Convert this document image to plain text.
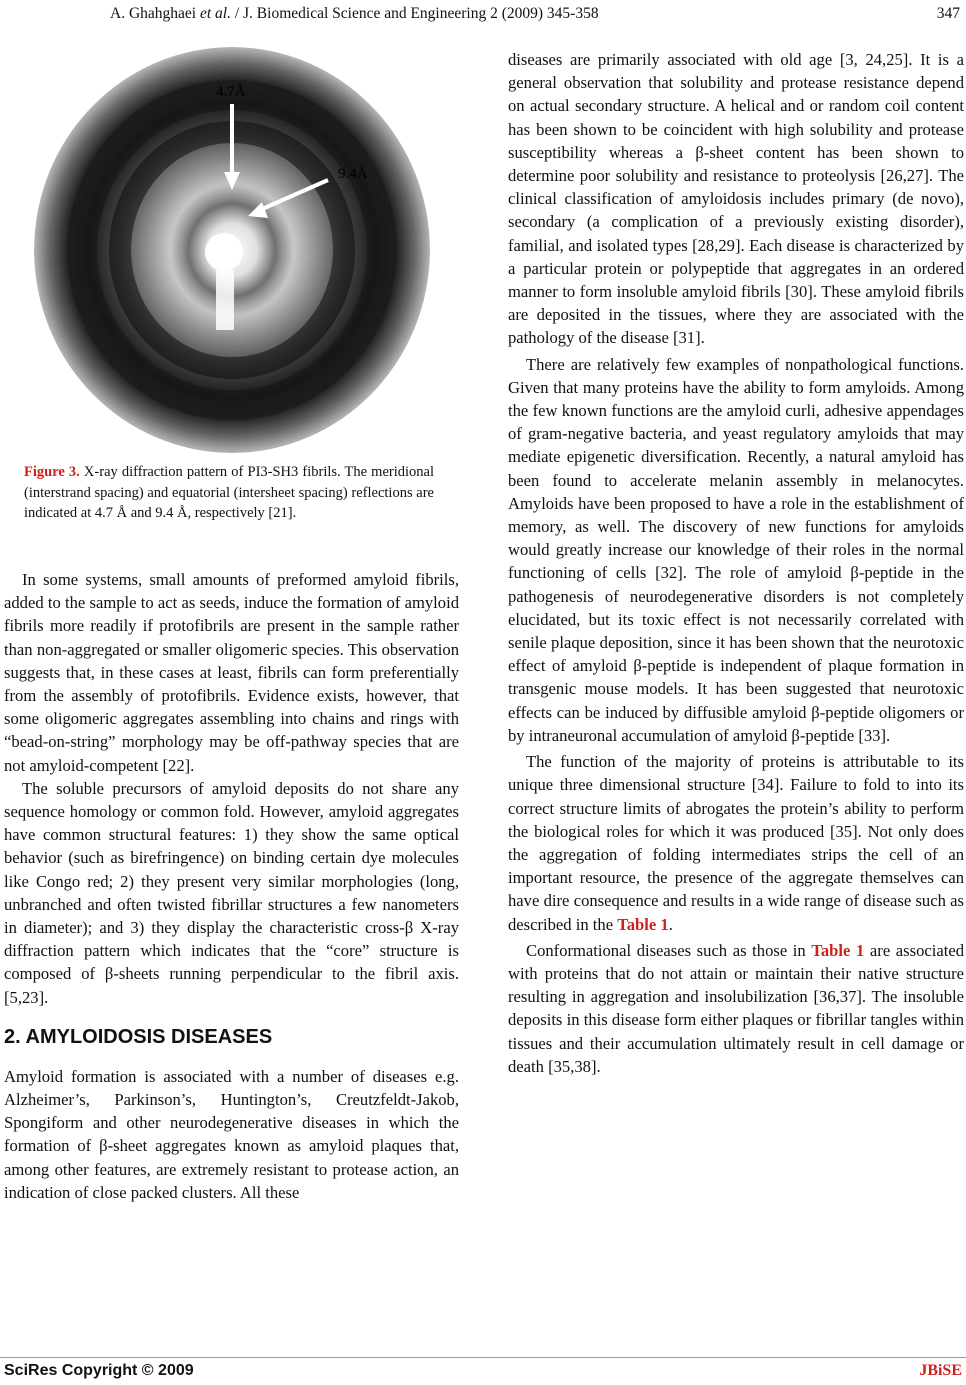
A. Ghahghaei et al. / J. Biomedical Science and Engineering 2 (2009) 345-358	347
4.7Å
9.4Å
Figure 3. X-ray diffraction pattern of PI3-SH3 fibrils. The meridional (interstrand spacing) and equatorial (intersheet spacing) reflections are indicated at 4.7 Å and 9.4 Å, respectively [21].

In some systems, small amounts of preformed amyloid fibrils, added to the sample to act as seeds, induce the formation of amyloid fibrils more readily if protofibrils are present in the sample rather than non-aggregated or smaller oligomeric species. This observation suggests that, in these cases at least, fibrils can form preferentially from the assembly of protofibrils. Evidence exists, however, that some oligomeric aggregates assembling into chains and rings with “bead-on-string” morphology may be off-pathway species that are not amyloid-competent [22].

The soluble precursors of amyloid deposits do not share any sequence homology or common fold. However, amyloid aggregates have common structural features: 1) they show the same optical behavior (such as birefringence) on binding certain dye molecules like Congo red; 2) they present very similar morphologies (long, unbranched and often twisted fibrillar structures a few nanometers in diameter); and 3) they display the characteristic cross-β X-ray diffraction pattern which indicates that the “core” structure is composed of β-sheets running perpendicular to the fibril axis. [5,23].

2. AMYLOIDOSIS DISEASES

Amyloid formation is associated with a number of diseases e.g. Alzheimer’s, Parkinson’s, Huntington’s, Creutzfeldt-Jakob, Spongiform and other neurodegenerative diseases in which the formation of β-sheet aggregates known as amyloid plaques that, among other features, are extremely resistant to protease action, an indication of close packed clusters. All these

diseases are primarily associated with old age [3, 24,25]. It is a general observation that solubility and protease resistance depend on actual secondary structure. A helical and or random coil content has been shown to be coincident with high solubility and protease susceptibility whereas a β-sheet content has been shown to determine poor solubility and resistance to proteolysis [26,27]. The clinical classification of amyloidosis includes primary (de novo), secondary (a complication of a previously existing disorder), familial, and isolated types [28,29]. Each disease is characterized by a particular protein or polypeptide that aggregates in an ordered manner to form insoluble amyloid fibrils [30]. These amyloid fibrils are deposited in the tissues, where they are associated with the pathology of the disease [31].

There are relatively few examples of nonpathological functions. Given that many proteins have the ability to form amyloids. Among the few known functions are the amyloid curli, adhesive appendages of gram-negative bacteria, and yeast regulatory amyloids that may mediate epigenetic diversification. Recently, a natural amyloid has been found to accelerate melanin assembly in melanocytes. Amyloids have been proposed to have a role in the establishment of memory, as well. The discovery of new functions for amyloids would greatly increase our knowledge of their roles in the normal functioning of cells [32]. The role of amyloid β-peptide in the pathogenesis of neurodegenerative disorders is not completely elucidated, but its toxic effect is not necessarily correlated with senile plaque deposition, since it has been shown that the neurotoxic effect of amyloid β-peptide is independent of plaque formation in transgenic mouse models. It has been suggested that neurotoxic effects can be induced by diffusible amyloid β-peptide oligomers or by intraneuronal accumulation of amyloid β-peptide [33].

The function of the majority of proteins is attributable to its unique three dimensional structure [34]. Failure to fold to into its correct structure limits of abrogates the protein’s ability to perform the biological roles for which it was produced [35]. Not only does the aggregation of folding intermediates strips the cell of an important resource, the presence of the aggregate themselves can have dire consequence and results in a wide range of disease such as described in the Table 1.

Conformational diseases such as those in Table 1 are associated with proteins that do not attain or maintain their native structure resulting in aggregation and insolubilization [36,37]. The insoluble deposits in this disease form either plaques or fibrillar tangles within tissues and their accumulation ultimately result in cell damage or death [35,38].

SciRes Copyright © 2009	JBiSE
